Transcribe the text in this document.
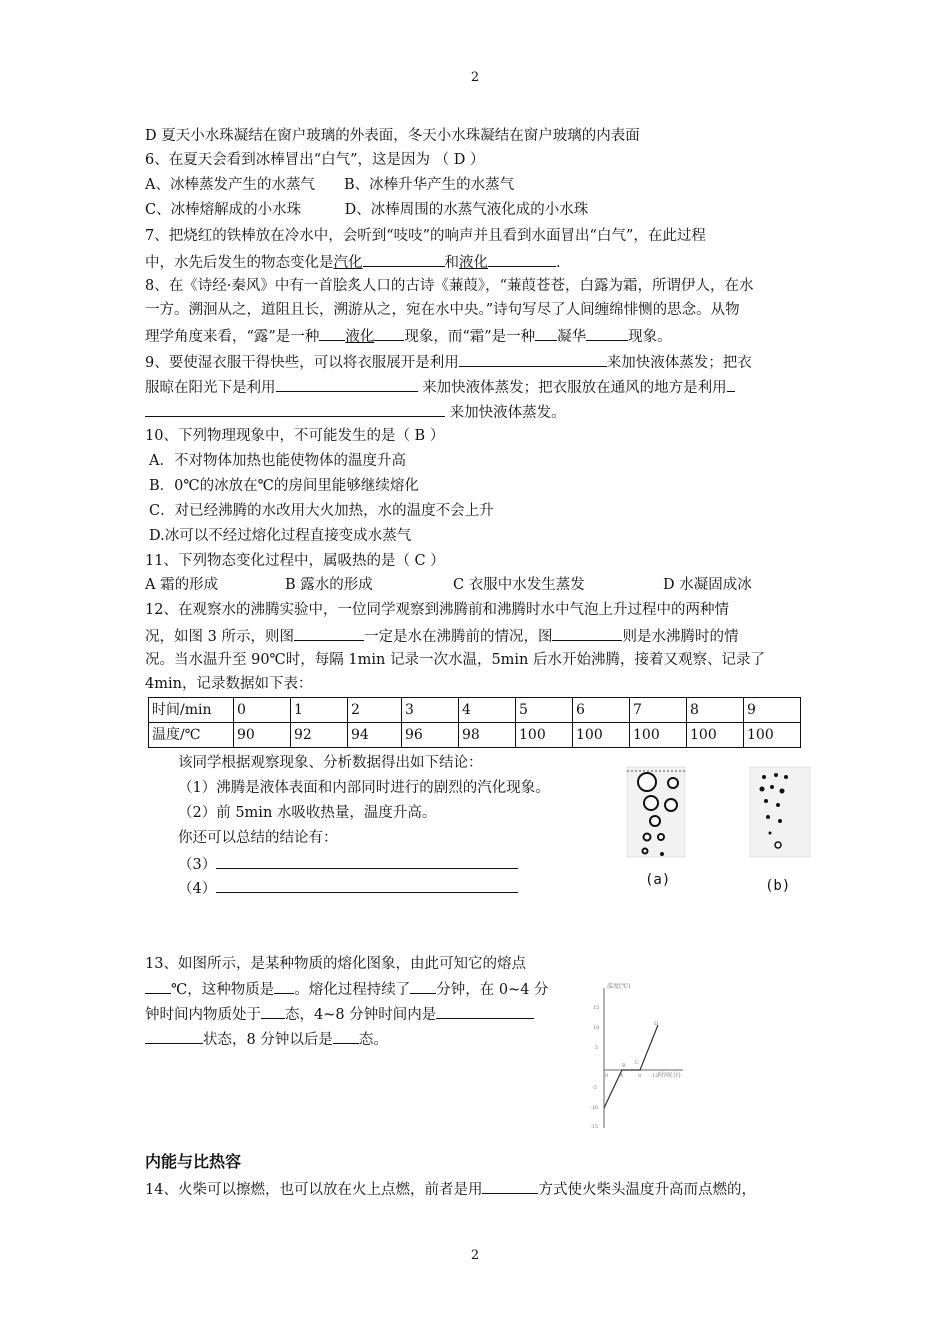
2
D 夏天小水珠凝结在窗户玻璃的外表面，冬天小水珠凝结在窗户玻璃的内表面
6、在夏天会看到冰棒冒出“白气”，这是因为 （ D ）
A、冰棒蒸发产生的水蒸气　　B、冰棒升华产生的水蒸气
C、冰棒熔解成的小水珠　　　D、冰棒周围的水蒸气液化成的小水珠
7、把烧红的铁棒放在冷水中，会听到“吱吱”的响声并且看到水面冒出“白气”，在此过程
中，水先后发生的物态变化是汽化	和液化	.
8、在《诗经·秦风》中有一首脍炙人口的古诗《蒹葭》，“蒹葭苍苍，白露为霜，所谓伊人，在水
一方。溯洄从之，道阻且长，溯游从之，宛在水中央。”诗句写尽了人间缠绵悱恻的思念。从物
理学角度来看，“露”是一种 液化 现象，而“霜”是一种 凝华	现象。
9、要使湿衣服干得快些，可以将衣服展开是利用	来加快液体蒸发；把衣
服晾在阳光下是利用	来加快液体蒸发；把衣服放在通风的地方是利用
来加快液体蒸发。
10、下列物理现象中，不可能发生的是（ B ）
A．不对物体加热也能使物体的温度升高
B．0℃的冰放在℃的房间里能够继续熔化
C．对已经沸腾的水改用大火加热，水的温度不会上升
D.冰可以不经过熔化过程直接变成水蒸气
11、下列物态变化过程中，属吸热的是（ C ）
A 霜的形成	B 露水的形成	C 衣服中水发生蒸发	D 水凝固成冰
12、在观察水的沸腾实验中，一位同学观察到沸腾前和沸腾时水中气泡上升过程中的两种情
况，如图 3 所示，则图	一定是水在沸腾前的情况，图	则是水沸腾时的情
况。当水温升至 90℃时，每隔 1min 记录一次水温，5min 后水开始沸腾，接着又观察、记录了
4min，记录数据如下表：
时间/min	0	1	2	3	4	5	6	7	8	9
温度/℃	90	92	94	96	98	100	100	100	100	100
该同学根据观察现象、分析数据得出如下结论：
（1）沸腾是液体表面和内部同时进行的剧烈的汽化现象。
（2）前 5min 水吸收热量，温度升高。
你还可以总结的结论有：
（3）
（4）
(a)	(b)
13、如图所示，是某种物质的熔化图象，由此可知它的熔点
℃，这种物质是 。熔化过程持续了 分钟，在 0~4 分
钟时间内物质处于 态，4~8 分钟时间内是
状态，8 分钟以后是 态。
温度(℃)
时间(分)
15
10
5
-5
-10
-15
0 4	8 12
B C
D
内能与比热容
14、火柴可以擦燃，也可以放在火上点燃，前者是用	方式使火柴头温度升高而点燃的，
2
